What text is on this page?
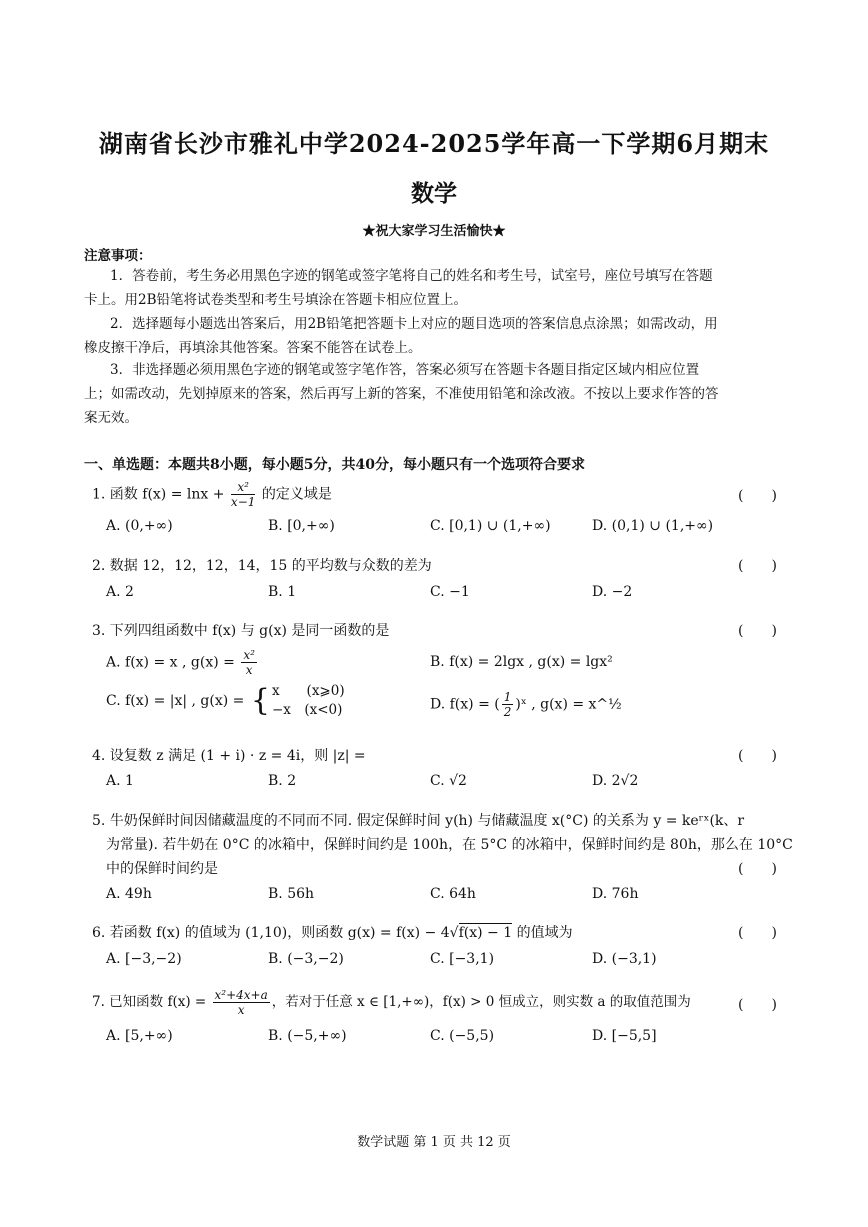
湖南省长沙市雅礼中学2024-2025学年高一下学期6月期末
数学
★祝大家学习生活愉快★
注意事项：
1．答卷前，考生务必用黑色字迹的钢笔或签字笔将自己的姓名和考生号，试室号，座位号填写在答题
卡上。用2B铅笔将试卷类型和考生号填涂在答题卡相应位置上。
2．选择题每小题选出答案后，用2B铅笔把答题卡上对应的题目选项的答案信息点涂黑；如需改动，用
橡皮擦干净后，再填涂其他答案。答案不能答在试卷上。
3．非选择题必须用黑色字迹的钢笔或签字笔作答，答案必须写在答题卡各题目指定区域内相应位置
上；如需改动，先划掉原来的答案，然后再写上新的答案，不准使用铅笔和涂改液。不按以上要求作答的答
案无效。
一、单选题：本题共8小题，每小题5分，共40分，每小题只有一个选项符合要求
1. 函数 $f(x) = \ln x + \frac{\text{x²}}{x-1}$ 的定义域是	(　　)
A. (0,+∞)	B. [0,+∞)	C. [0,1) ∪ (1,+∞)	D. (0,1) ∪ (1,+∞)
2. 数据 12，12，12，14，15 的平均数与众数的差为	(　　)
A. 2	B. 1	C. −1	D. −2
3. 下列四组函数中 f(x) 与 g(x) 是同一函数的是	(　　)
A. f(x) = x , $g(x) = \frac{\text{x²}}{x}$	B. f(x) = 2lgx , g(x) = lgx²
C. f(x) = |x| , g(x) = { x　　(x⩾0)
−x　(x<0)	D. f(x) = ( $\frac{1}{2}$ )ˣ , g(x) = x^½
4. 设复数 z 满足 (1 + i) · z = 4i，则 |z| =	(　　)
A. 1	B. 2	C. √2	D. 2√2
5. 牛奶保鲜时间因储藏温度的不同而不同. 假定保鲜时间 y(h) 与储藏温度 x(°C) 的关系为 y = keʳˣ(k、r
为常量). 若牛奶在 0°C 的冰箱中，保鲜时间约是 100h，在 5°C 的冰箱中，保鲜时间约是 80h，那么在 10°C
中的保鲜时间约是	(　　)
A. 49h	B. 56h	C. 64h	D. 76h
6. 若函数 f(x) 的值域为 (1,10)，则函数 g(x) = f(x) − 4√f(x) − 1 的值域为	(　　)
A. [−3,−2)	B. (−3,−2)	C. [−3,1)	D. (−3,1)
7. 已知函数 $f(x) = \frac{\text{x²+4x+a}}{x}$ ，若对于任意 x ∈ [1,+∞)，f(x) > 0 恒成立，则实数 a 的取值范围为	(　　)
A. [5,+∞)	B. (−5,+∞)	C. (−5,5)	D. [−5,5]
数学试题 第 1 页 共 12 页
